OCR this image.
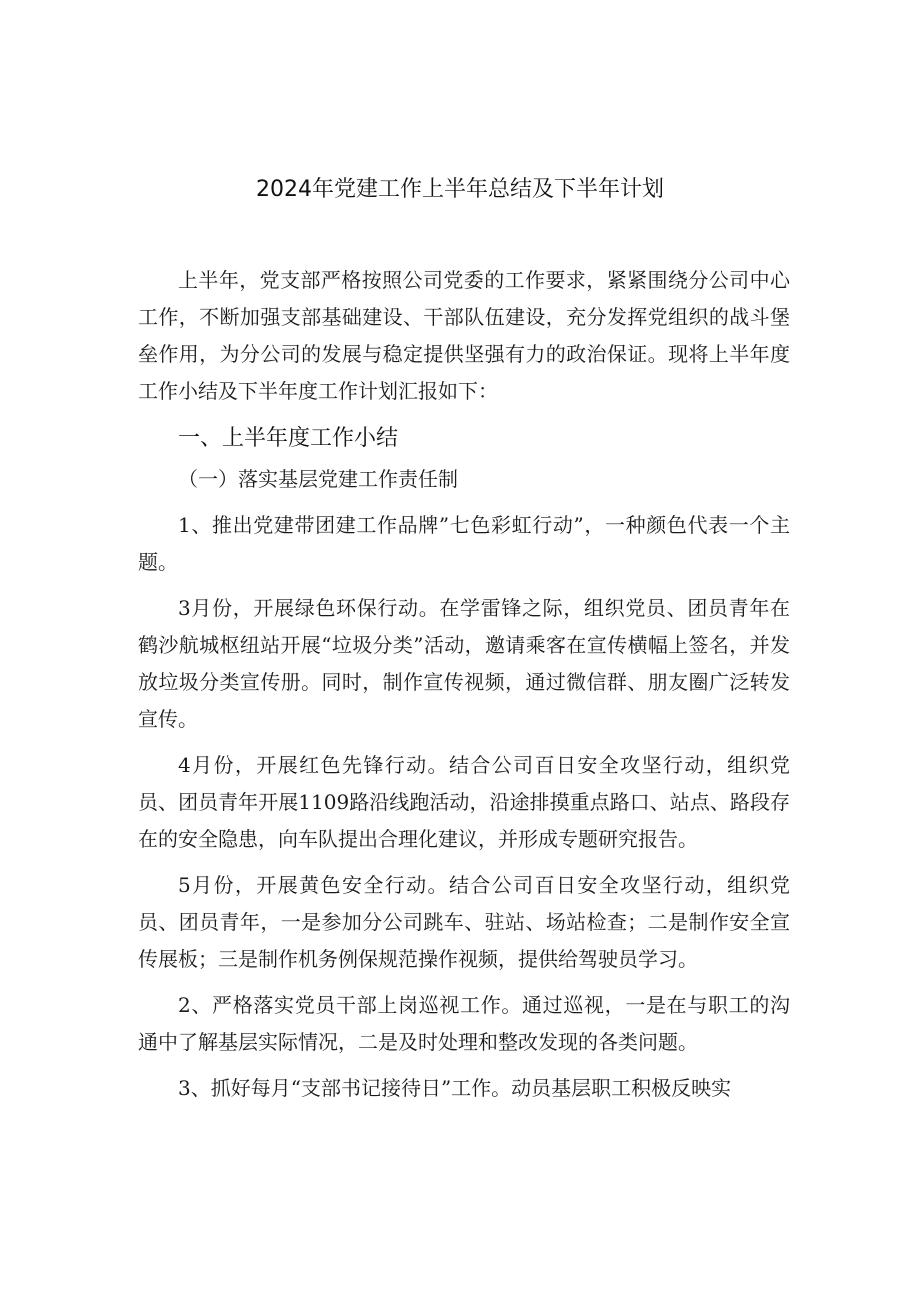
2024年党建工作上半年总结及下半年计划

上半年，党支部严格按照公司党委的工作要求，紧紧围绕分公司中心工作，不断加强支部基础建设、干部队伍建设，充分发挥党组织的战斗堡垒作用，为分公司的发展与稳定提供坚强有力的政治保证。现将上半年度工作小结及下半年度工作计划汇报如下：

一、上半年度工作小结

（一）落实基层党建工作责任制

1、推出党建带团建工作品牌”七色彩虹行动”，一种颜色代表一个主题。

3月份，开展绿色环保行动。在学雷锋之际，组织党员、团员青年在鹤沙航城枢纽站开展“垃圾分类”活动，邀请乘客在宣传横幅上签名，并发放垃圾分类宣传册。同时，制作宣传视频，通过微信群、朋友圈广泛转发宣传。

4月份，开展红色先锋行动。结合公司百日安全攻坚行动，组织党员、团员青年开展1109路沿线跑活动，沿途排摸重点路口、站点、路段存在的安全隐患，向车队提出合理化建议，并形成专题研究报告。

5月份，开展黄色安全行动。结合公司百日安全攻坚行动，组织党员、团员青年，一是参加分公司跳车、驻站、场站检查；二是制作安全宣传展板；三是制作机务例保规范操作视频，提供给驾驶员学习。

2、严格落实党员干部上岗巡视工作。通过巡视，一是在与职工的沟通中了解基层实际情况，二是及时处理和整改发现的各类问题。

3、抓好每月“支部书记接待日”工作。动员基层职工积极反映实
